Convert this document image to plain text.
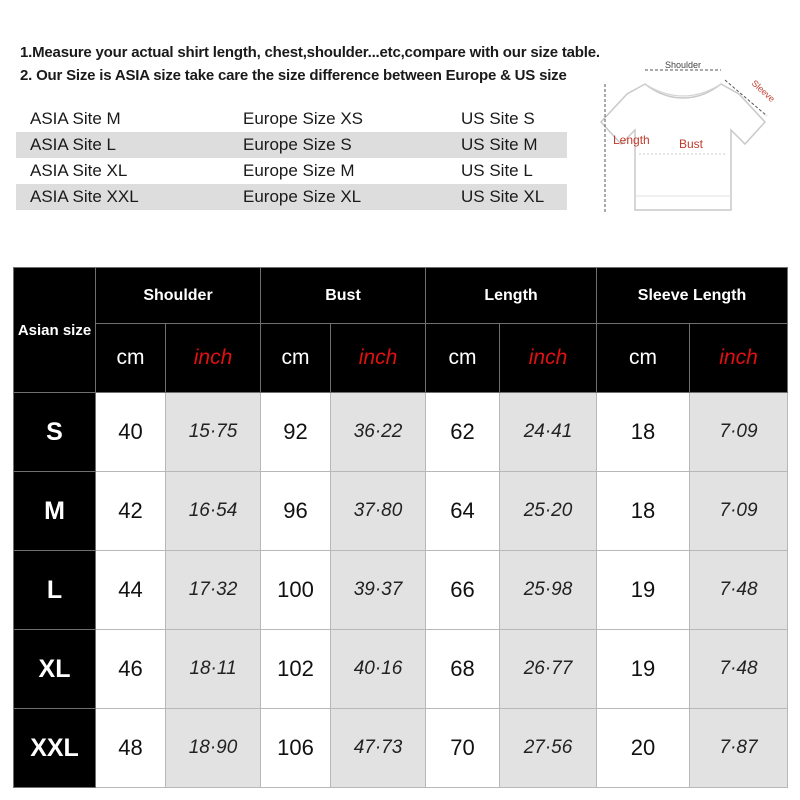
1.Measure your actual shirt length, chest,shoulder...etc,compare with our size table.
2. Our Size is ASIA size take care the size difference between Europe & US size
ASIA Site M	Europe Size XS	US Site S
ASIA Site L	Europe Size S	US Site M
ASIA Site XL	Europe Size M	US Site L
ASIA Site XXL	Europe Size XL	US Site XL
Shoulder
Sleeve
Length Bust
Asian size	Shoulder		Bust		Length		Sleeve Length	
	cm	inch	cm	inch	cm	inch	cm	inch
S	40	15·75	92	36·22	62	24·41	18	7·09
M	42	16·54	96	37·80	64	25·20	18	7·09
L	44	17·32	100	39·37	66	25·98	19	7·48
XL	46	18·11	102	40·16	68	26·77	19	7·48
XXL	48	18·90	106	47·73	70	27·56	20	7·87
